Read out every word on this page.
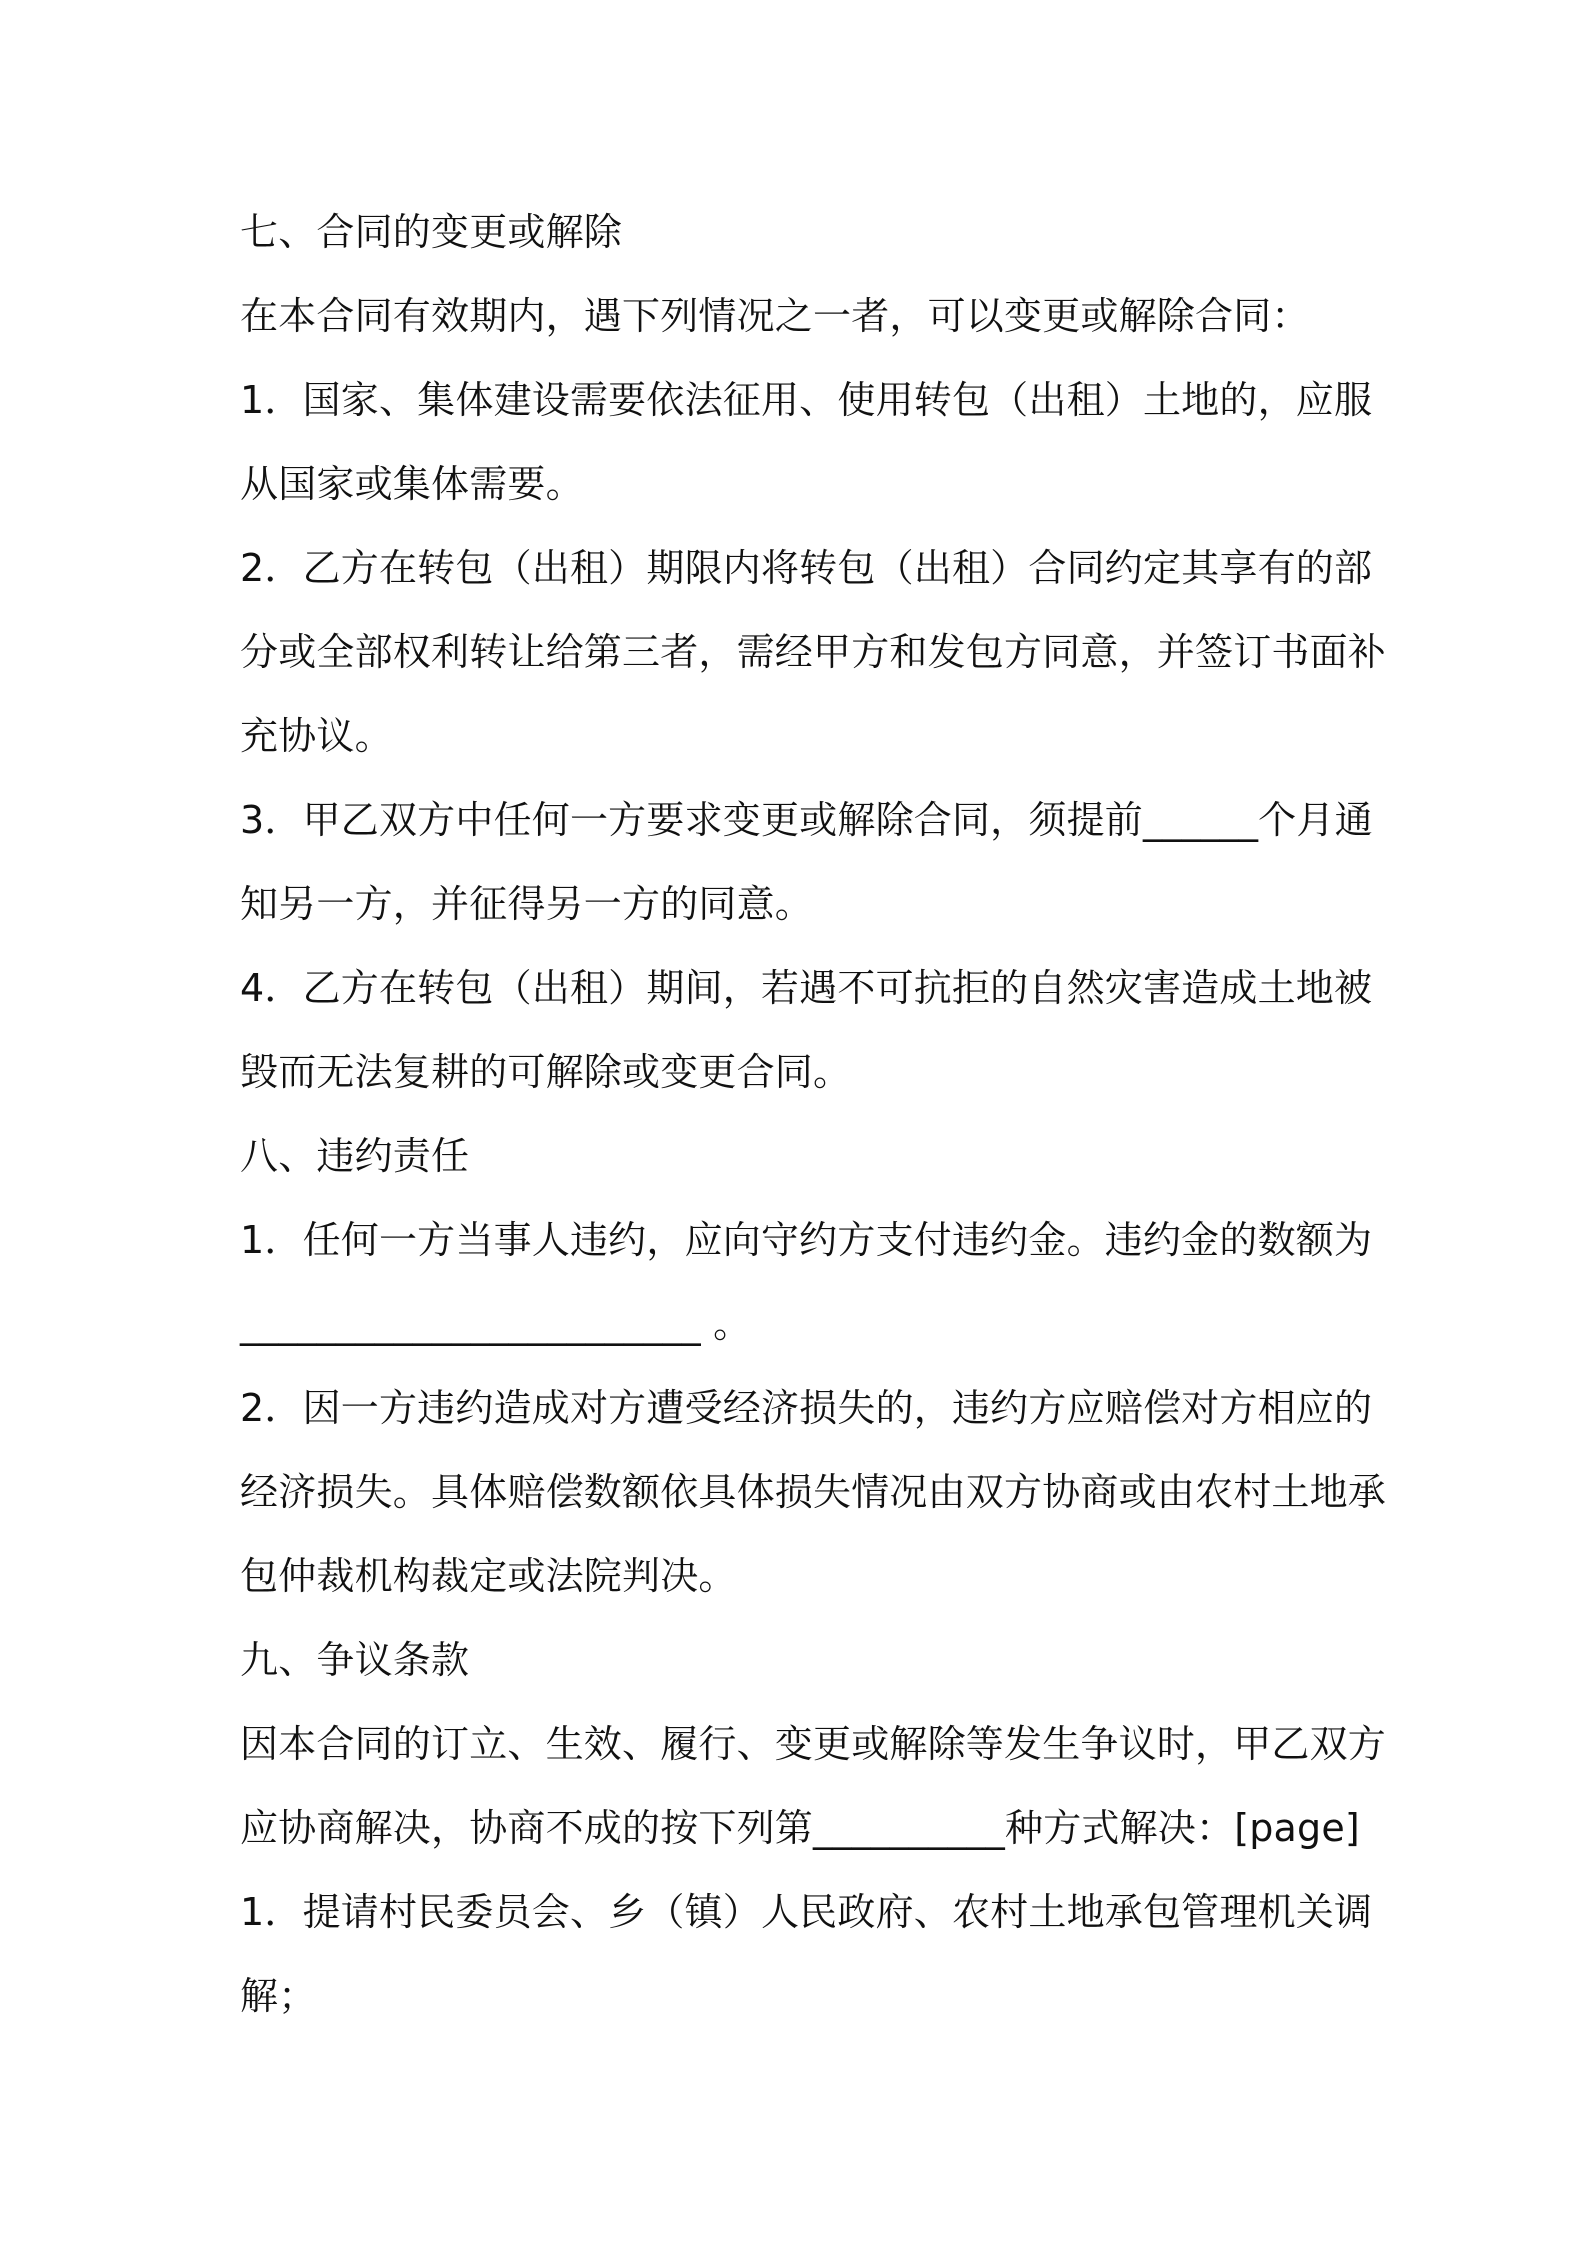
七、合同的变更或解除
在本合同有效期内，遇下列情况之一者，可以变更或解除合同：
1．国家、集体建设需要依法征用、使用转包（出租）土地的，应服
从国家或集体需要。
2．乙方在转包（出租）期限内将转包（出租）合同约定其享有的部
分或全部权利转让给第三者，需经甲方和发包方同意，并签订书面补
充协议。
3．甲乙双方中任何一方要求变更或解除合同，须提前______个月通
知另一方，并征得另一方的同意。
4．乙方在转包（出租）期间，若遇不可抗拒的自然灾害造成土地被
毁而无法复耕的可解除或变更合同。
八、违约责任
1．任何一方当事人违约，应向守约方支付违约金。违约金的数额为
________________________ 。
2．因一方违约造成对方遭受经济损失的，违约方应赔偿对方相应的
经济损失。具体赔偿数额依具体损失情况由双方协商或由农村土地承
包仲裁机构裁定或法院判决。
九、争议条款
因本合同的订立、生效、履行、变更或解除等发生争议时，甲乙双方
应协商解决，协商不成的按下列第__________种方式解决：[page]
1．提请村民委员会、乡（镇）人民政府、农村土地承包管理机关调
解；
